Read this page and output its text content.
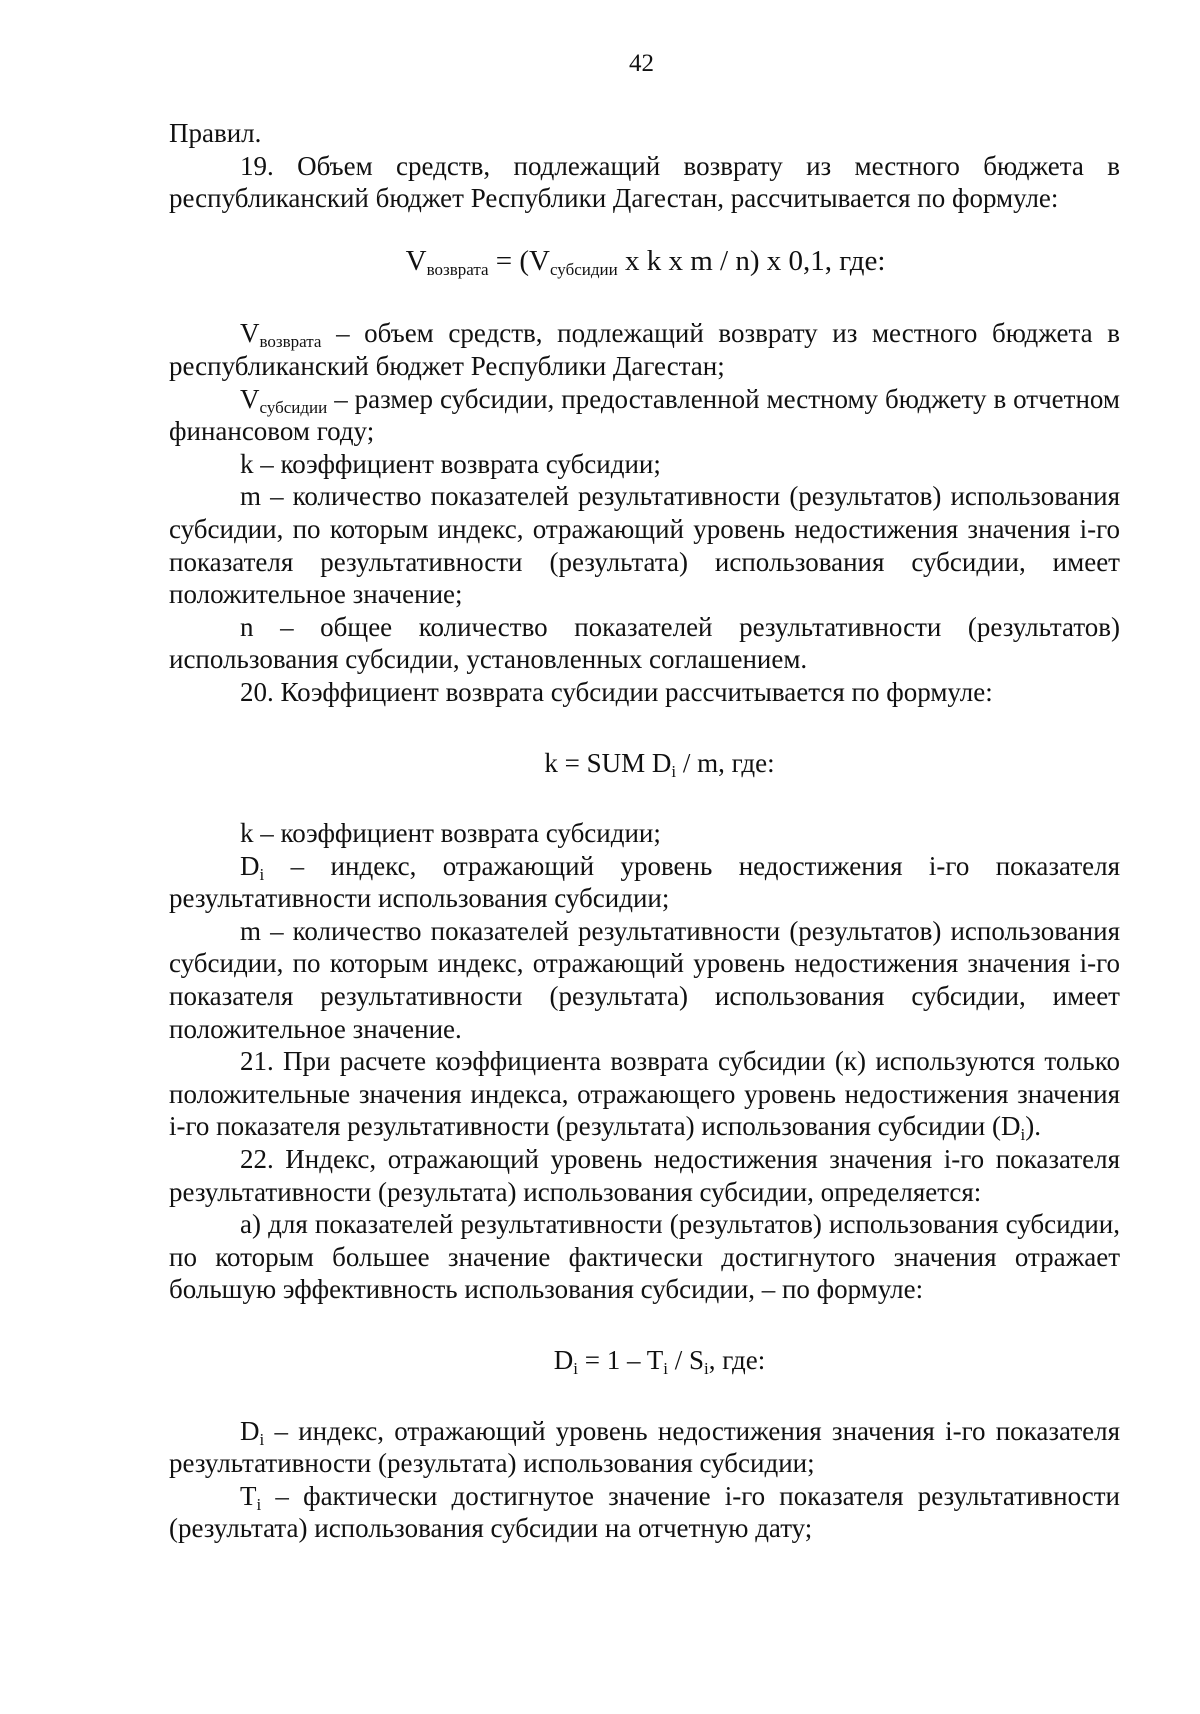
42

Правил.

19. Объем средств, подлежащий возврату из местного бюджета в республиканский бюджет Республики Дагестан, рассчитывается по формуле:

$V_{возврата} = (V_{субсидии}$ x k x m / n) x 0,1, где:

$V_{возврата}$ – объем средств, подлежащий возврату из местного бюджета в республиканский бюджет Республики Дагестан;

$V_{субсидии}$ – размер субсидии, предоставленной местному бюджету в отчетном финансовом году;

k – коэффициент возврата субсидии;

m – количество показателей результативности (результатов) использования субсидии, по которым индекс, отражающий уровень недостижения значения i-го показателя результативности (результата) использования субсидии, имеет положительное значение;

n – общее количество показателей результативности (результатов) использования субсидии, установленных соглашением.

20. Коэффициент возврата субсидии рассчитывается по формуле:

k = SUM $D_i$ / m, где:

k – коэффициент возврата субсидии;

$D_i$ – индекс, отражающий уровень недостижения i-го показателя результативности использования субсидии;

m – количество показателей результативности (результатов) использования субсидии, по которым индекс, отражающий уровень недостижения значения i-го показателя результативности (результата) использования субсидии, имеет положительное значение.

21. При расчете коэффициента возврата субсидии (к) используются только положительные значения индекса, отражающего уровень недостижения значения i-го показателя результативности (результата) использования субсидии $(D_i)$.

22. Индекс, отражающий уровень недостижения значения i-го показателя результативности (результата) использования субсидии, определяется:

а) для показателей результативности (результатов) использования субсидии, по которым большее значение фактически достигнутого значения отражает большую эффективность использования субсидии, – по формуле:

$D_i = 1 - T_i / S_i$, где:

$D_i$ – индекс, отражающий уровень недостижения значения i-го показателя результативности (результата) использования субсидии;

$T_i$ – фактически достигнутое значение i-го показателя результативности (результата) использования субсидии на отчетную дату;
